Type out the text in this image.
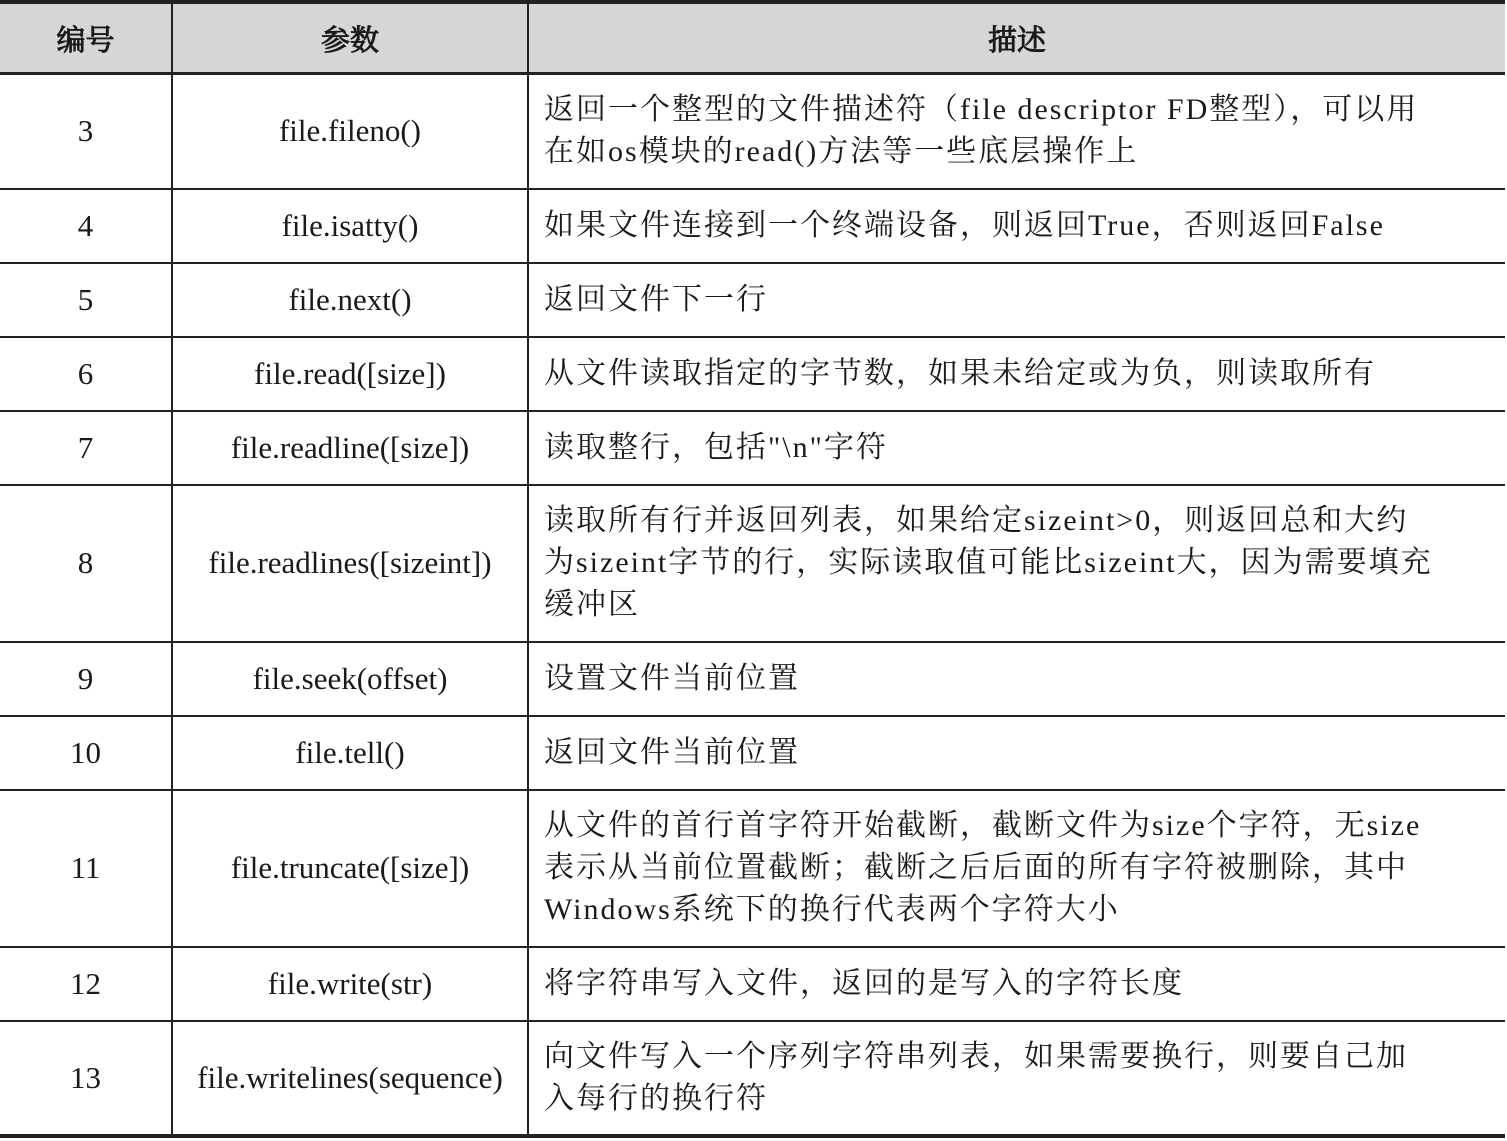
编号	参数	描述
3	file.fileno()	返回一个整型的文件描述符（file descriptor FD整型），可以用
在如os模块的read()方法等一些底层操作上

4	file.isatty()	如果文件连接到一个终端设备，则返回True，否则返回False

5	file.next()	返回文件下一行

6	file.read([size])	从文件读取指定的字节数，如果未给定或为负，则读取所有

7	file.readline([size])	读取整行，包括"\n"字符

8	file.readlines([sizeint])	读取所有行并返回列表，如果给定sizeint>0，则返回总和大约
为sizeint字节的行，实际读取值可能比sizeint大，因为需要填充
缓冲区

9	file.seek(offset)	设置文件当前位置

10	file.tell()	返回文件当前位置

11	file.truncate([size])	从文件的首行首字符开始截断，截断文件为size个字符，无size
表示从当前位置截断；截断之后后面的所有字符被删除，其中
Windows系统下的换行代表两个字符大小

12	file.write(str)	将字符串写入文件，返回的是写入的字符长度

13	file.writelines(sequence)	向文件写入一个序列字符串列表，如果需要换行，则要自己加
入每行的换行符
